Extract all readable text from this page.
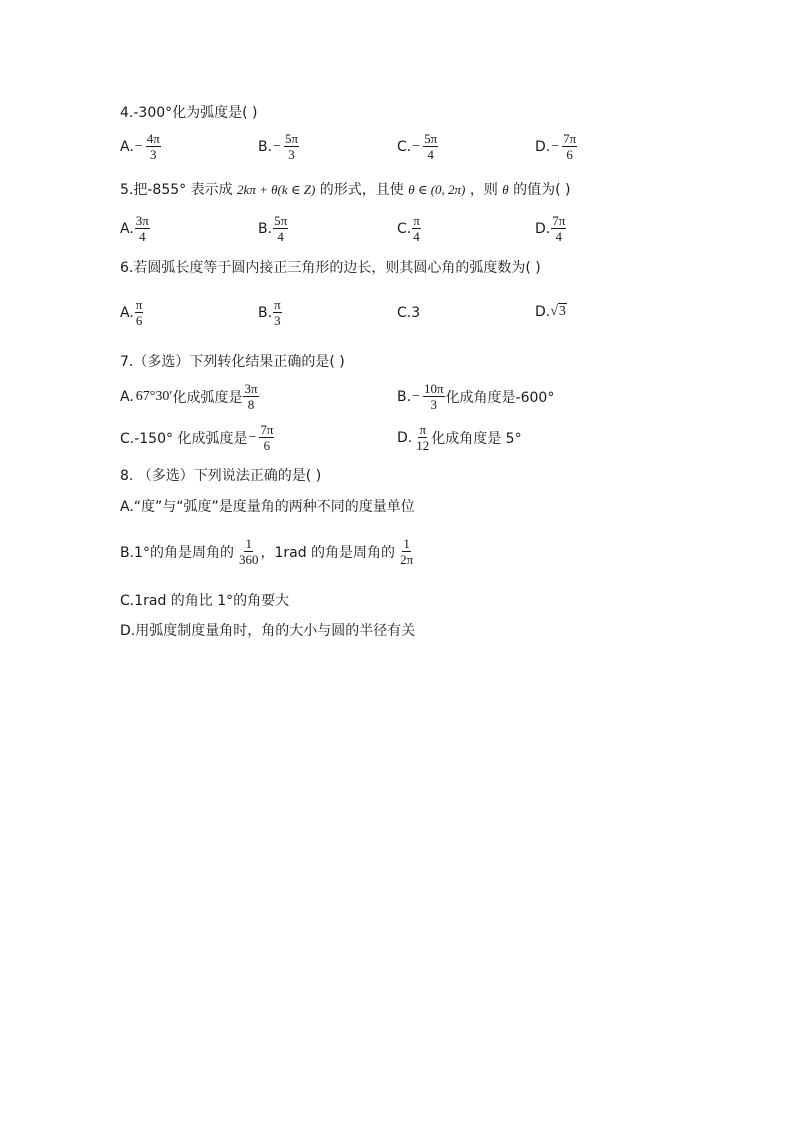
4.-300°化为弧度是( )
A. − $\frac{4\pi}{3}$	B. − $\frac{5\pi}{3}$	C. − $\frac{5\pi}{4}$	D. − $\frac{7\pi}{6}$
5.把-855° 表示成 2kπ + θ(k ∈ Z) 的形式，且使 θ ∈ (0, 2π) ，则 θ 的值为( )
A. $\frac{3\pi}{4}$	B. $\frac{5\pi}{4}$	C. $\frac{\pi}{4}$	D. $\frac{7\pi}{4}$
6.若圆弧长度等于圆内接正三角形的边长，则其圆心角的弧度数为( )
A. $\frac{\pi}{6}$	B. $\frac{\pi}{3}$	C.3	D. √ 3
7.（多选）下列转化结果正确的是( )
A. 67°30′ 化成弧度是 $\frac{3\pi}{8}$	B. − $\frac{10\pi}{3}$ 化成角度是-600°
C.-150° 化成弧度是 − $\frac{7\pi}{6}$	D. $\frac{\pi}{12}$ 化成角度是 5°
8. （多选）下列说法正确的是( )
A.“度”与“弧度”是度量角的两种不同的度量单位
B.1°的角是周角的 $\frac{1}{360}$ ，1rad 的角是周角的 $\frac{1}{2\pi}$
C.1rad 的角比 1°的角要大
D.用弧度制度量角时，角的大小与圆的半径有关
